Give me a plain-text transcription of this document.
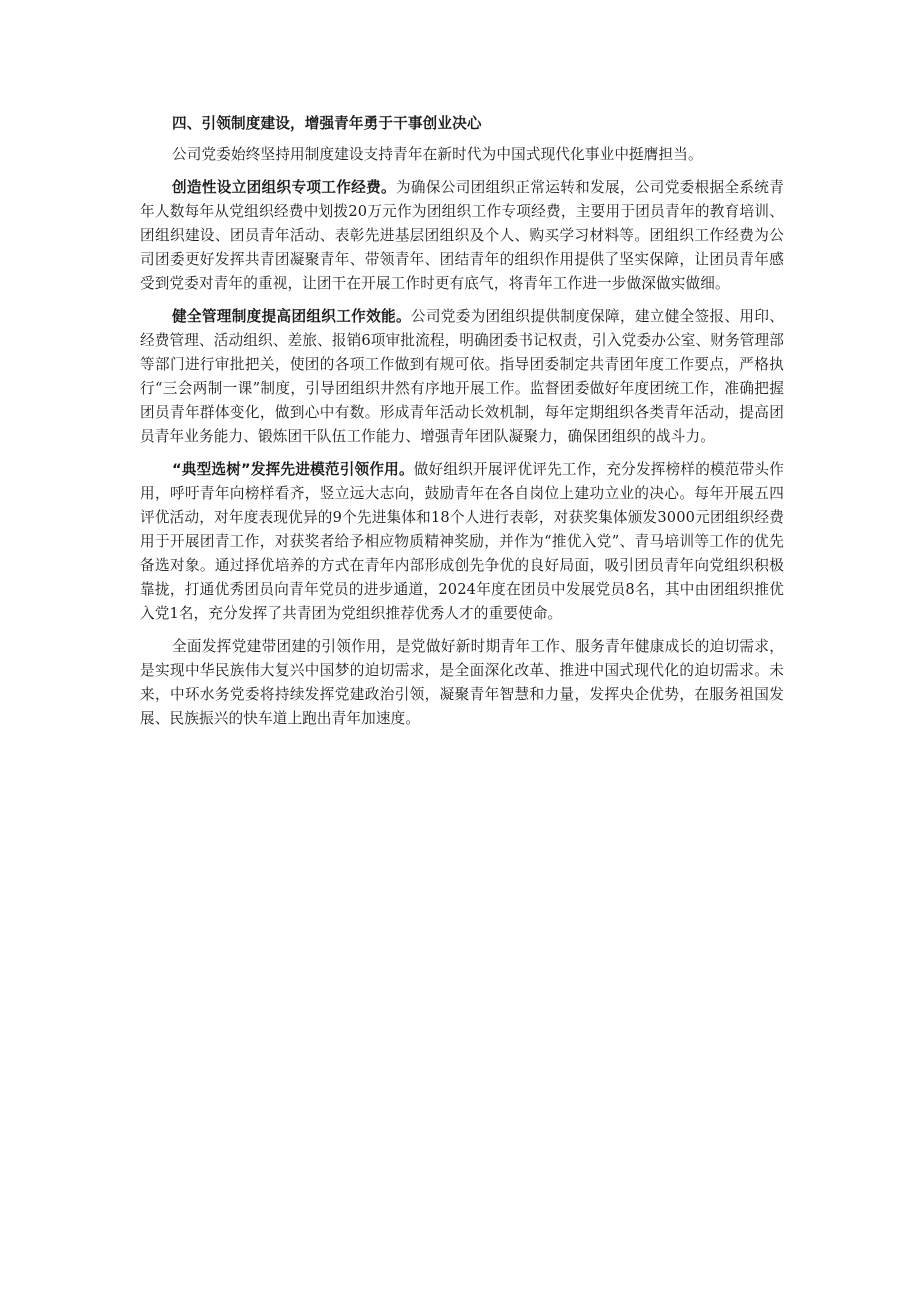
四、引领制度建设，增强青年勇于干事创业决心

公司党委始终坚持用制度建设支持青年在新时代为中国式现代化事业中挺膺担当。

创造性设立团组织专项工作经费。为确保公司团组织正常运转和发展，公司党委根据全系统青年人数每年从党组织经费中划拨20万元作为团组织工作专项经费，主要用于团员青年的教育培训、团组织建设、团员青年活动、表彰先进基层团组织及个人、购买学习材料等。团组织工作经费为公司团委更好发挥共青团凝聚青年、带领青年、团结青年的组织作用提供了坚实保障，让团员青年感受到党委对青年的重视，让团干在开展工作时更有底气，将青年工作进一步做深做实做细。

健全管理制度提高团组织工作效能。公司党委为团组织提供制度保障，建立健全签报、用印、经费管理、活动组织、差旅、报销6项审批流程，明确团委书记权责，引入党委办公室、财务管理部等部门进行审批把关，使团的各项工作做到有规可依。指导团委制定共青团年度工作要点，严格执行“三会两制一课”制度，引导团组织井然有序地开展工作。监督团委做好年度团统工作，准确把握团员青年群体变化，做到心中有数。形成青年活动长效机制，每年定期组织各类青年活动，提高团员青年业务能力、锻炼团干队伍工作能力、增强青年团队凝聚力，确保团组织的战斗力。

“典型选树”发挥先进模范引领作用。做好组织开展评优评先工作，充分发挥榜样的模范带头作用，呼吁青年向榜样看齐，竖立远大志向，鼓励青年在各自岗位上建功立业的决心。每年开展五四评优活动，对年度表现优异的9个先进集体和18个人进行表彰，对获奖集体颁发3000元团组织经费用于开展团青工作，对获奖者给予相应物质精神奖励，并作为“推优入党”、青马培训等工作的优先备选对象。通过择优培养的方式在青年内部形成创先争优的良好局面，吸引团员青年向党组织积极靠拢，打通优秀团员向青年党员的进步通道，2024年度在团员中发展党员8名，其中由团组织推优入党1名，充分发挥了共青团为党组织推荐优秀人才的重要使命。

全面发挥党建带团建的引领作用，是党做好新时期青年工作、服务青年健康成长的迫切需求，是实现中华民族伟大复兴中国梦的迫切需求，是全面深化改革、推进中国式现代化的迫切需求。未来，中环水务党委将持续发挥党建政治引领，凝聚青年智慧和力量，发挥央企优势，在服务祖国发展、民族振兴的快车道上跑出青年加速度。
